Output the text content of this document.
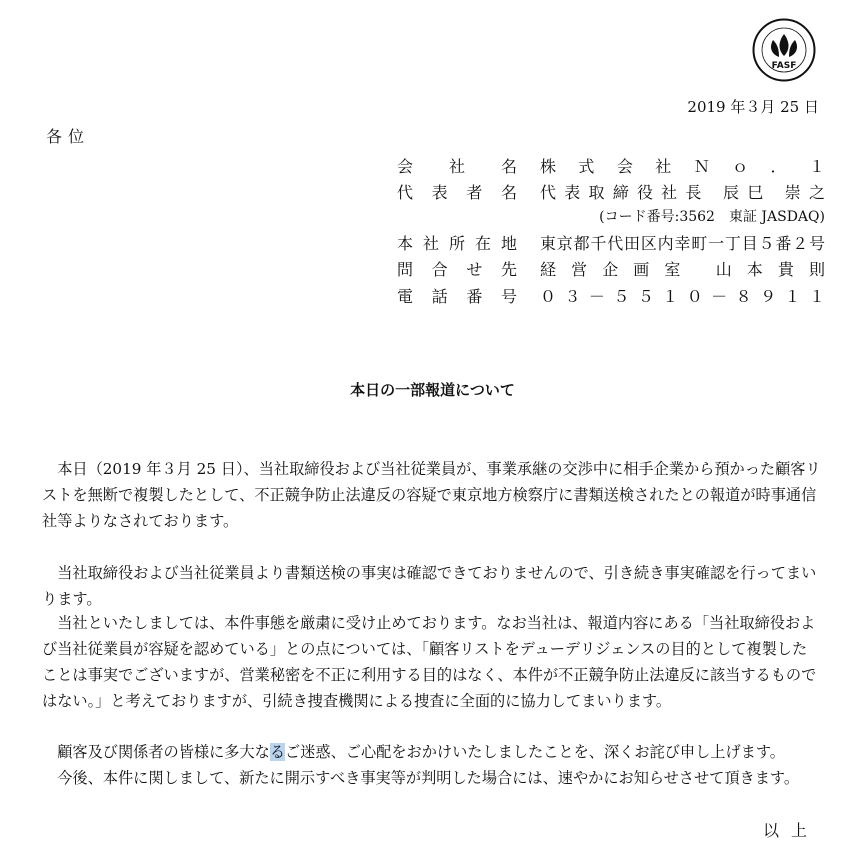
FASF
2019 年３月 25 日
各位
会社名 株式会社Ｎｏ．１
代表者名 代表取締役社長 辰巳 崇之
(コード番号:3562　東証 JASDAQ)
本社所在地 東京都千代田区内幸町一丁目５番２号
問合せ先 経営企画室 山本貴則
電話番号 ０３－５５１０－８９１１
本日の一部報道について

本日（2019 年３月 25 日）、当社取締役および当社従業員が、事業承継の交渉中に相手企業から預かった顧客リストを無断で複製したとして、不正競争防止法違反の容疑で東京地方検察庁に書類送検されたとの報道が時事通信社等よりなされております。

当社取締役および当社従業員より書類送検の事実は確認できておりませんので、引き続き事実確認を行ってまいります。

当社といたしましては、本件事態を厳粛に受け止めております。なお当社は、報道内容にある「当社取締役および当社従業員が容疑を認めている」との点については、「顧客リストをデューデリジェンスの目的として複製したことは事実でございますが、営業秘密を不正に利用する目的はなく、本件が不正競争防止法違反に該当するものではない。」と考えておりますが、引続き捜査機関による捜査に全面的に協力してまいります。

顧客及び関係者の皆様に多大なるご迷惑、ご心配をおかけいたしましたことを、深くお詫び申し上げます。

今後、本件に関しまして、新たに開示すべき事実等が判明した場合には、速やかにお知らせさせて頂きます。

以上
